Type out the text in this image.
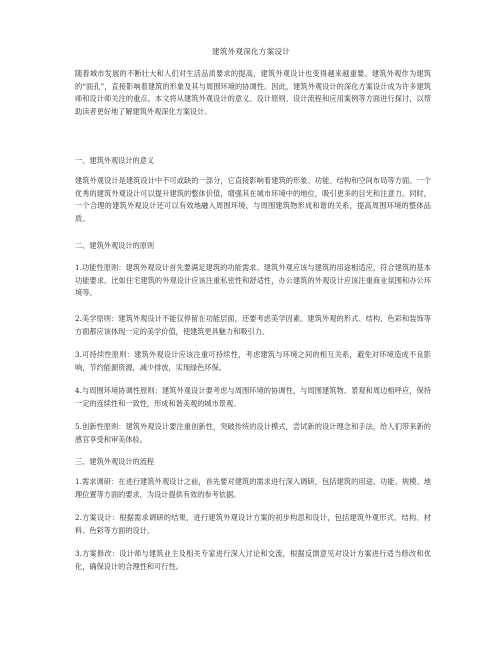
建筑外观深化方案设计

随着城市发展的不断壮大和人们对生活品质要求的提高，建筑外观设计也变得越来越重要。建筑外观作为建筑的“面孔”，直接影响着建筑的形象及其与周围环境的协调性。因此，建筑外观设计的深化方案设计成为许多建筑师和设计师关注的重点。本文将从建筑外观设计的意义、设计原则、设计流程和应用案例等方面进行探讨，以帮助读者更好地了解建筑外观深化方案设计。

一、建筑外观设计的意义

建筑外观设计是建筑设计中不可或缺的一部分，它直接影响着建筑的形象、功能、结构和空间布局等方面。一个优秀的建筑外观设计可以提升建筑的整体价值，增强其在城市环境中的地位，吸引更多的目光和注意力。同时，一个合理的建筑外观设计还可以有效地融入周围环境，与周围建筑物形成和谐的关系，提高周围环境的整体品质。

二、建筑外观设计的原则

1.功能性原则：建筑外观设计首先要满足建筑的功能需求。建筑外观应该与建筑的用途相适应，符合建筑的基本功能要求。比如住宅建筑的外观设计应该注重私密性和舒适性，办公建筑的外观设计应该注重商业氛围和办公环境等。

2.美学原则：建筑外观设计不能仅停留在功能层面，还要考虑美学因素。建筑外观的形式、结构、色彩和装饰等方面都应该体现一定的美学价值，使建筑更具魅力和吸引力。

3.可持续性原则：建筑外观设计应该注重可持续性，考虑建筑与环境之间的相互关系，避免对环境造成不良影响，节约能源资源，减少排放，实现绿色环保。

4.与周围环境协调性原则：建筑外观设计要考虑与周围环境的协调性，与周围建筑物、景观和周边相呼应，保持一定的连续性和一致性，形成和谐美观的城市景观。

5.创新性原则：建筑外观设计要注重创新性，突破传统的设计模式，尝试新的设计理念和手法，给人们带来新的感官享受和审美体验。

三、建筑外观设计的流程

1.需求调研：在进行建筑外观设计之前，首先要对建筑的需求进行深入调研，包括建筑的用途、功能、规模、地理位置等方面的要求，为设计提供有效的参考依据。

2.方案设计：根据需求调研的结果，进行建筑外观设计方案的初步构思和设计，包括建筑外观形式、结构、材料、色彩等方面的设计。

3.方案修改：设计师与建筑业主及相关专家进行深入讨论和交流，根据反馈意见对设计方案进行适当修改和优化，确保设计的合理性和可行性。
